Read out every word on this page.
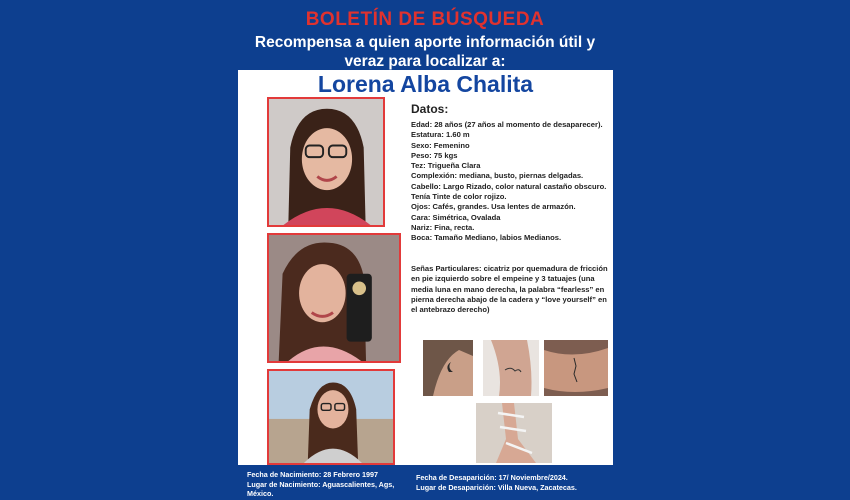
BOLETÍN DE BÚSQUEDA
Recompensa a quien aporte información útil y
veraz para localizar a:
Lorena Alba Chalita
Datos:

Edad: 28 años (27 años al momento de desaparecer).

Estatura: 1.60 m

Sexo: Femenino

Peso: 75 kgs

Tez: Trigueña Clara

Complexión: mediana, busto, piernas delgadas.

Cabello: Largo Rizado, color natural castaño obscuro. Tenía Tinte de color rojizo.

Ojos: Cafés, grandes. Usa lentes de armazón.

Cara: Simétrica, Ovalada

Nariz: Fina, recta.

Boca: Tamaño Mediano, labios Medianos.

Señas Particulares: cicatriz por quemadura de fricción en pie izquierdo sobre el empeine y 3 tatuajes (una media luna en mano derecha, la palabra “fearless” en pierna derecha abajo de la cadera y “love yourself” en el antebrazo derecho)

Fecha de Nacimiento: 28 Febrero 1997

Lugar de Nacimiento: Aguascalientes, Ags, México.

Fecha de Desaparición: 17/ Noviembre/2024.

Lugar de Desaparición: Villa Nueva, Zacatecas.
